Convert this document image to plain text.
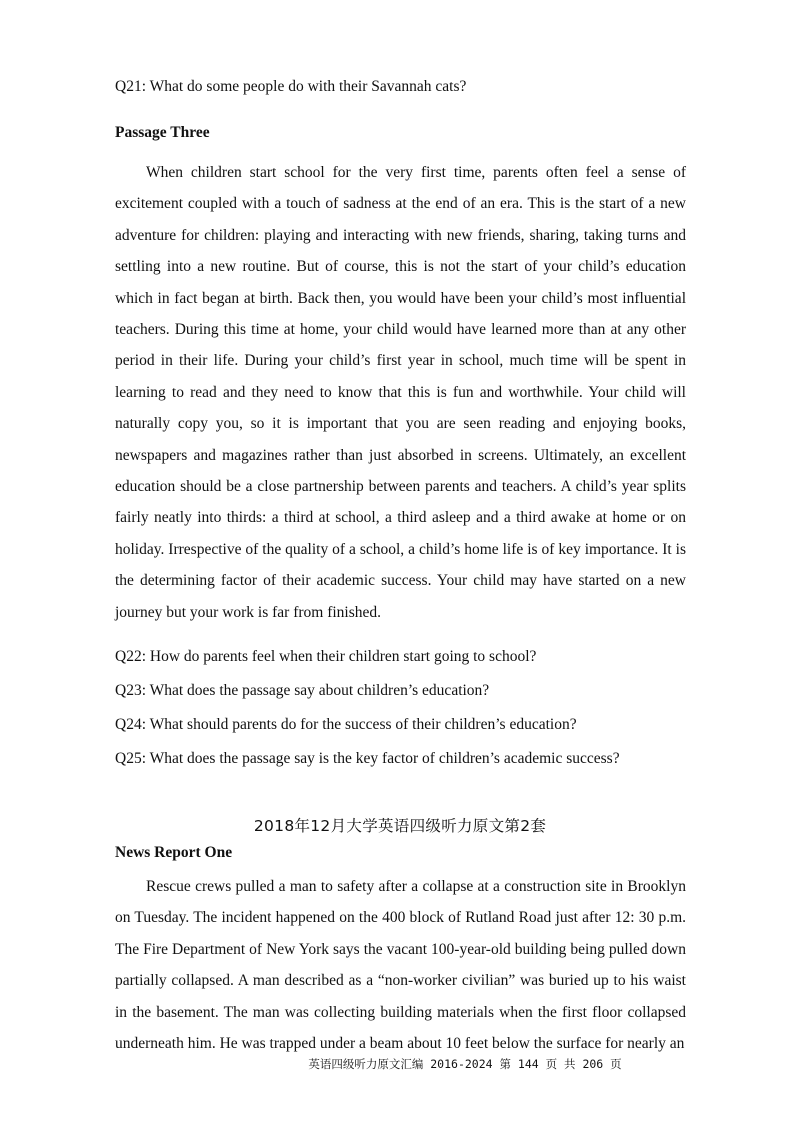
Q21: What do some people do with their Savannah cats?
Passage Three

When children start school for the very first time, parents often feel a sense of excitement coupled with a touch of sadness at the end of an era. This is the start of a new adventure for children: playing and interacting with new friends, sharing, taking turns and settling into a new routine. But of course, this is not the start of your child’s education which in fact began at birth. Back then, you would have been your child’s most influential teachers. During this time at home, your child would have learned more than at any other period in their life. During your child’s first year in school, much time will be spent in learning to read and they need to know that this is fun and worthwhile. Your child will naturally copy you, so it is important that you are seen reading and enjoying books, newspapers and magazines rather than just absorbed in screens. Ultimately, an excellent education should be a close partnership between parents and teachers. A child’s year splits fairly neatly into thirds: a third at school, a third asleep and a third awake at home or on holiday. Irrespective of the quality of a school, a child’s home life is of key importance. It is the determining factor of their academic success. Your child may have started on a new journey but your work is far from finished.

Q22: How do parents feel when their children start going to school?
Q23: What does the passage say about children’s education?
Q24: What should parents do for the success of their children’s education?
Q25: What does the passage say is the key factor of children’s academic success?
2018年12月大学英语四级听力原文第2套
News Report One

Rescue crews pulled a man to safety after a collapse at a construction site in Brooklyn on Tuesday. The incident happened on the 400 block of Rutland Road just after 12: 30 p.m. The Fire Department of New York says the vacant 100-year-old building being pulled down partially collapsed. A man described as a “non-worker civilian” was buried up to his waist in the basement. The man was collecting building materials when the first floor collapsed underneath him. He was trapped under a beam about 10 feet below the surface for nearly an

英语四级听力原文汇编 2016-2024 第 144 页 共 206 页
